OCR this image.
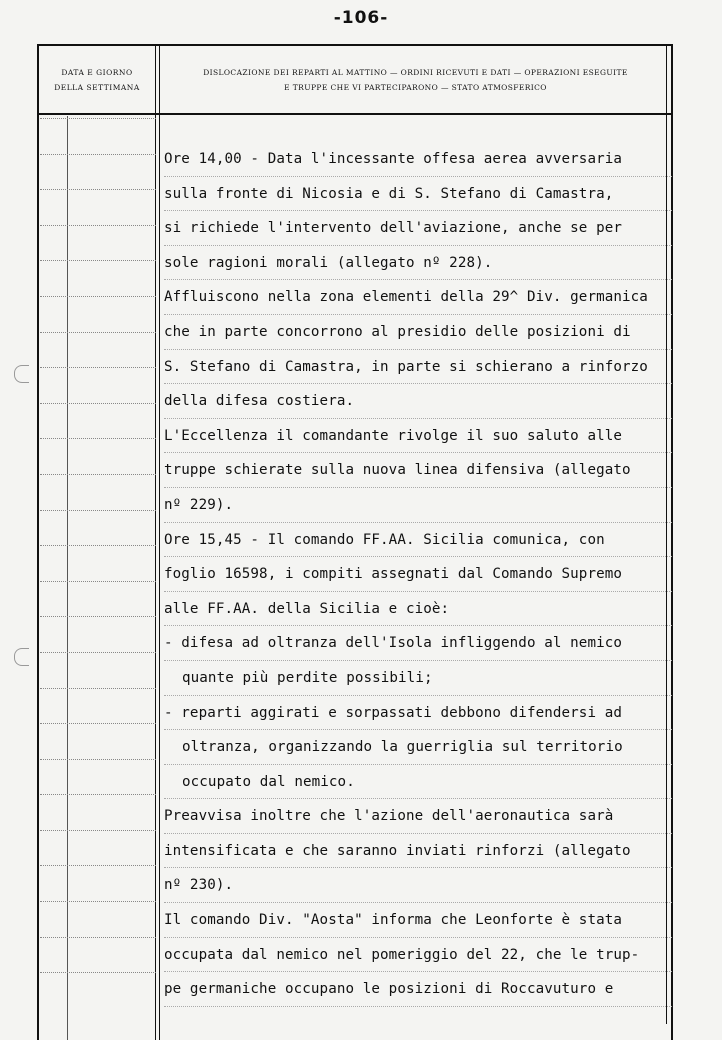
-106-
DATA E GIORNO
DELLA SETTIMANA
DISLOCAZIONE DEI REPARTI AL MATTINO — ORDINI RICEVUTI E DATI — OPERAZIONI ESEGUITE
E TRUPPE CHE VI PARTECIPARONO — STATO ATMOSFERICO
Ore 14,00 - Data l'incessante offesa aerea avversaria
sulla fronte di Nicosia e di S. Stefano di Camastra,
si richiede l'intervento dell'aviazione, anche se per
sole ragioni morali (allegato nº 228).
Affluiscono nella zona elementi della 29^ Div. germanica
che in parte concorrono al presidio delle posizioni di
S. Stefano di Camastra, in parte si schierano a rinforzo
della difesa costiera.
L'Eccellenza il comandante rivolge il suo saluto alle
truppe schierate sulla nuova linea difensiva (allegato
nº 229).
Ore 15,45 - Il comando FF.AA. Sicilia comunica, con
foglio 16598, i compiti assegnati dal Comando Supremo
alle FF.AA. della Sicilia e cioè:
- difesa ad oltranza dell'Isola infliggendo al nemico
quante più perdite possibili;
- reparti aggirati e sorpassati debbono difendersi ad
oltranza, organizzando la guerriglia sul territorio
occupato dal nemico.
Preavvisa inoltre che l'azione dell'aeronautica sarà
intensificata e che saranno inviati rinforzi (allegato
nº 230).
Il comando Div. "Aosta" informa che Leonforte è stata
occupata dal nemico nel pomeriggio del 22, che le trup-
pe germaniche occupano le posizioni di Roccavuturo e
